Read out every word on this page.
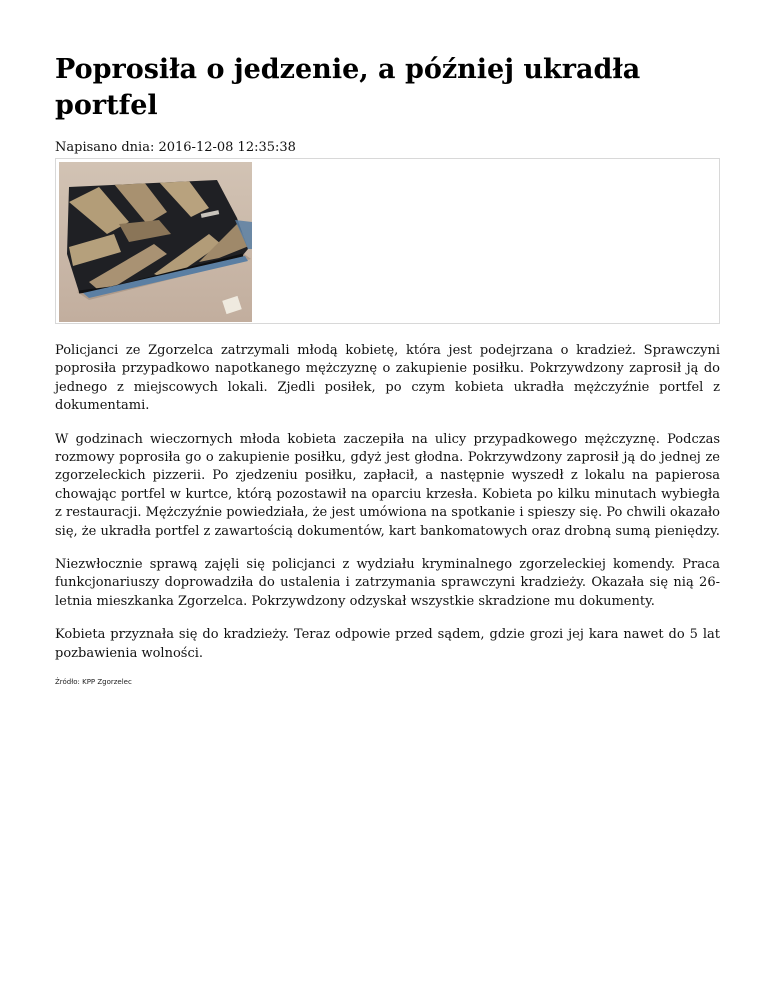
Poprosiła o jedzenie, a później ukradła portfel
Napisano dnia: 2016-12-08 12:35:38

Policjanci ze Zgorzelca zatrzymali młodą kobietę, która jest podejrzana o kradzież. Sprawczyni poprosiła przypadkowo napotkanego mężczyznę o zakupienie posiłku. Pokrzywdzony zaprosił ją do jednego z miejscowych lokali. Zjedli posiłek, po czym kobieta ukradła mężczyźnie portfel z dokumentami.

W godzinach wieczornych młoda kobieta zaczepiła na ulicy przypadkowego mężczyznę. Podczas rozmowy poprosiła go o zakupienie posiłku, gdyż jest głodna. Pokrzywdzony zaprosił ją do jednej ze zgorzeleckich pizzerii. Po zjedzeniu posiłku, zapłacił, a następnie wyszedł z lokalu na papierosa chowając portfel w kurtce, którą pozostawił na oparciu krzesła. Kobieta po kilku minutach wybiegła z restauracji. Mężczyźnie powiedziała, że jest umówiona na spotkanie i spieszy się. Po chwili okazało się, że ukradła portfel z zawartością dokumentów, kart bankomatowych oraz drobną sumą pieniędzy.

Niezwłocznie sprawą zajęli się policjanci z wydziału kryminalnego zgorzeleckiej komendy. Praca funkcjonariuszy doprowadziła do ustalenia i zatrzymania sprawczyni kradzieży. Okazała się nią 26-letnia mieszkanka Zgorzelca. Pokrzywdzony odzyskał wszystkie skradzione mu dokumenty.

Kobieta przyznała się do kradzieży. Teraz odpowie przed sądem, gdzie grozi jej kara nawet do 5 lat pozbawienia wolności.

Źródło: KPP Zgorzelec
